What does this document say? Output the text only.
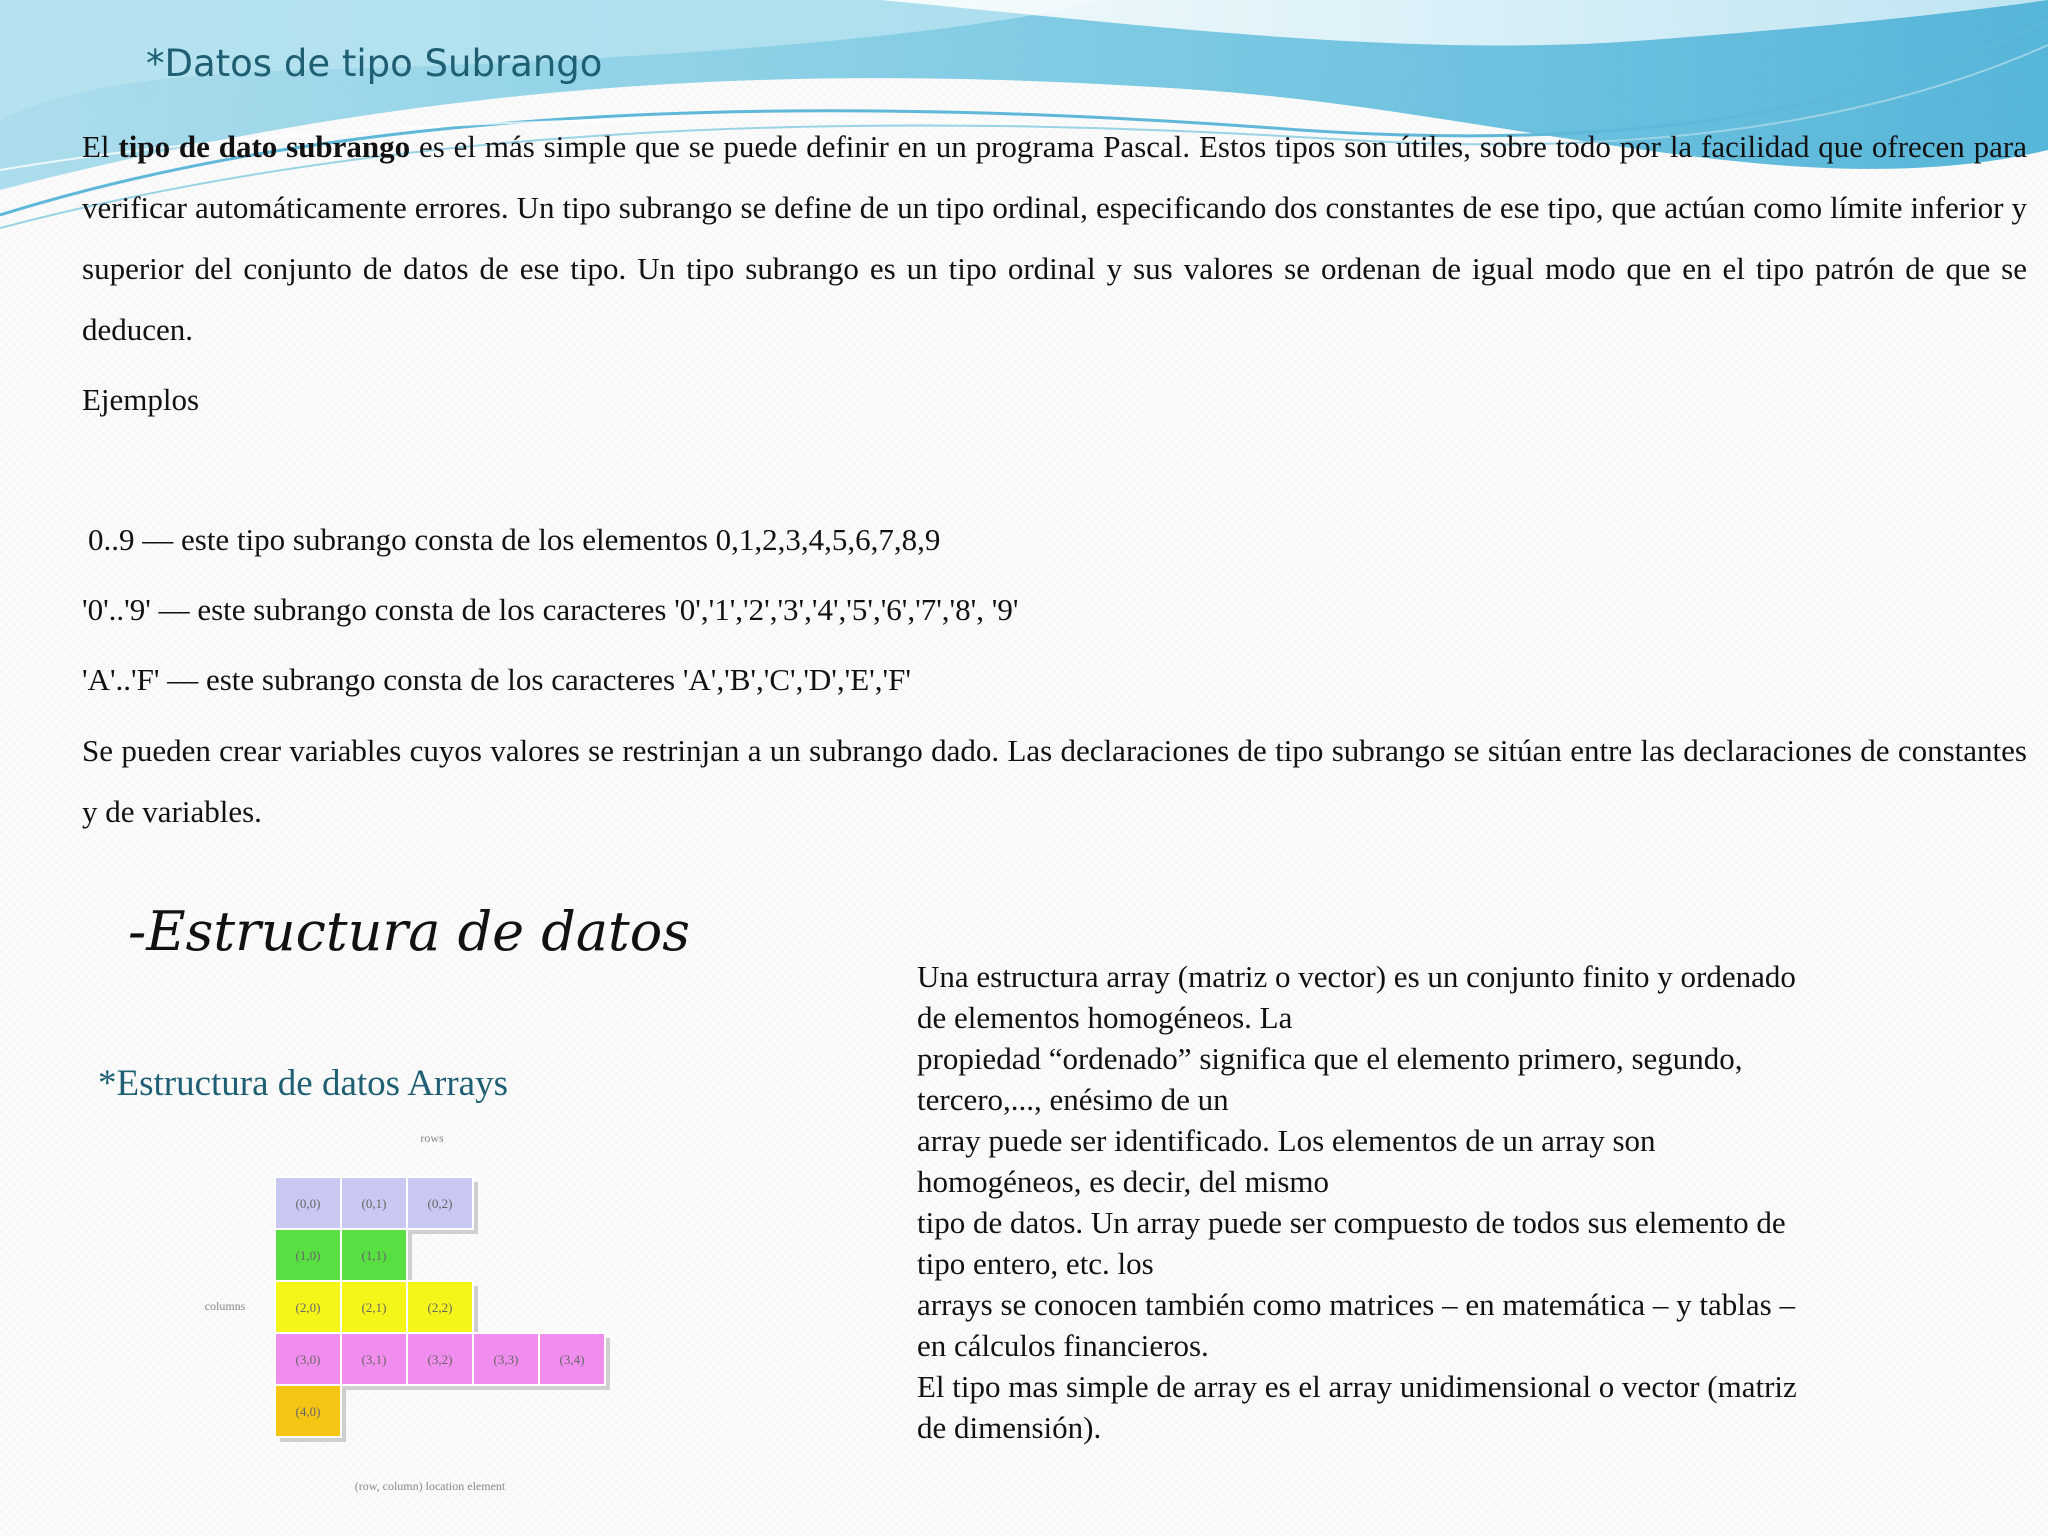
*Datos de tipo Subrango

El tipo de dato subrango es el más simple que se puede definir en un programa Pascal. Estos tipos son útiles, sobre todo por la facilidad que ofrecen para verificar automáticamente errores. Un tipo subrango se define de un tipo ordinal, especificando dos constantes de ese tipo, que actúan como límite inferior y superior del conjunto de datos de ese tipo. Un tipo subrango es un tipo ordinal y sus valores se ordenan de igual modo que en el tipo patrón de que se deducen.

Ejemplos
0..9 — este tipo subrango consta de los elementos 0,1,2,3,4,5,6,7,8,9
'0'..'9' — este subrango consta de los caracteres '0','1','2','3','4','5','6','7','8', '9'
'A'..'F' — este subrango consta de los caracteres 'A','B','C','D','E','F'

Se pueden crear variables cuyos valores se restrinjan a un subrango dado. Las declaraciones de tipo subrango se sitúan entre las declaraciones de constantes y de variables.

-Estructura de datos
*Estructura de datos Arrays
Una estructura array (matriz o vector) es un conjunto finito y ordenado
de elementos homogéneos. La
propiedad “ordenado” significa que el elemento primero, segundo,
tercero,..., enésimo de un
array puede ser identificado. Los elementos de un array son
homogéneos, es decir, del mismo
tipo de datos. Un array puede ser compuesto de todos sus elemento de
tipo entero, etc. los
arrays se conocen también como matrices – en matemática – y tablas –
en cálculos financieros.
El tipo mas simple de array es el array unidimensional o vector (matriz
de dimensión).
rows
columns
(row, column) location element
(0,0)	(0,1)	(0,2)
(1,0)	(1,1)
(2,0)	(2,1)	(2,2)
(3,0)	(3,1)	(3,2)	(3,3)	(3,4)
(4,0)
